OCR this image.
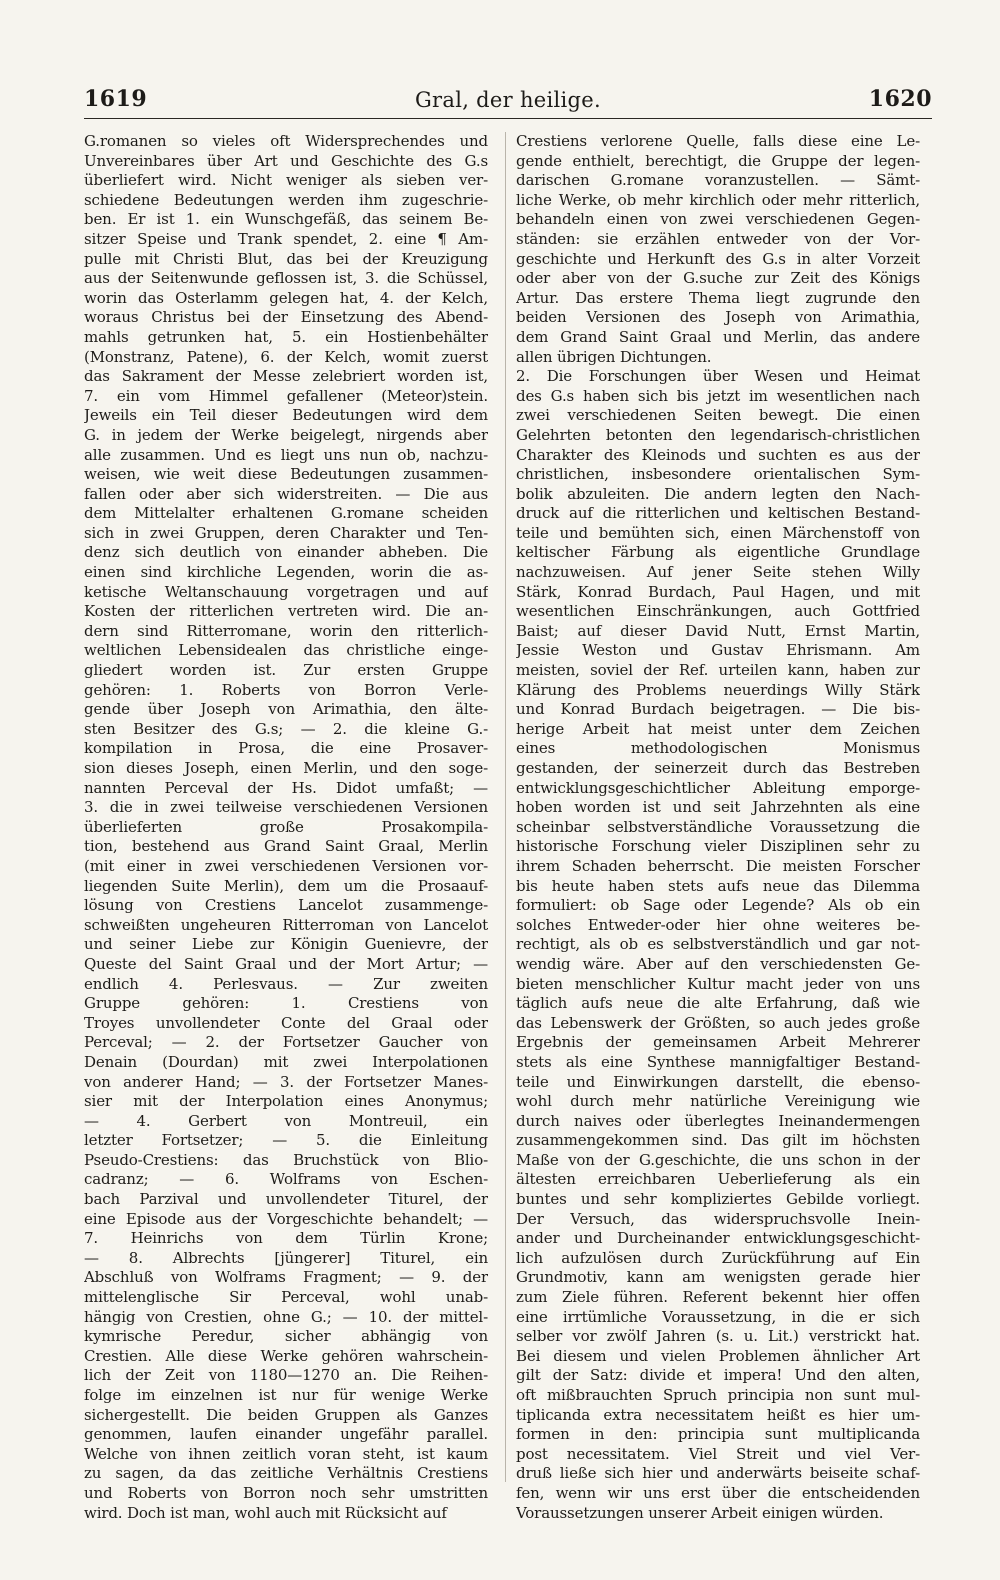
1619	Gral, der heilige.	1620
G.romanen so vieles oft Widersprechendes und
Unvereinbares über Art und Geschichte des G.s
überliefert wird. Nicht weniger als sieben ver-
schiedene Bedeutungen werden ihm zugeschrie-
ben. Er ist 1. ein Wunschgefäß, das seinem Be-
sitzer Speise und Trank spendet, 2. eine ¶ Am-
pulle mit Christi Blut, das bei der Kreuzigung
aus der Seitenwunde geflossen ist, 3. die Schüssel,
worin das Osterlamm gelegen hat, 4. der Kelch,
woraus Christus bei der Einsetzung des Abend-
mahls getrunken hat, 5. ein Hostienbehälter
(Monstranz, Patene), 6. der Kelch, womit zuerst
das Sakrament der Messe zelebriert worden ist,
7. ein vom Himmel gefallener (Meteor)stein.
Jeweils ein Teil dieser Bedeutungen wird dem
G. in jedem der Werke beigelegt, nirgends aber
alle zusammen. Und es liegt uns nun ob, nachzu-
weisen, wie weit diese Bedeutungen zusammen-
fallen oder aber sich widerstreiten. — Die aus
dem Mittelalter erhaltenen G.romane scheiden
sich in zwei Gruppen, deren Charakter und Ten-
denz sich deutlich von einander abheben. Die
einen sind kirchliche Legenden, worin die as-
ketische Weltanschauung vorgetragen und auf
Kosten der ritterlichen vertreten wird. Die an-
dern sind Ritterromane, worin den ritterlich-
weltlichen Lebensidealen das christliche einge-
gliedert worden ist. Zur ersten Gruppe
gehören: 1. Roberts von Borron Verle-
gende über Joseph von Arimathia, den älte-
sten Besitzer des G.s; — 2. die kleine G.-
kompilation in Prosa, die eine Prosaver-
sion dieses Joseph, einen Merlin, und den soge-
nannten Perceval der Hs. Didot umfaßt; —
3. die in zwei teilweise verschiedenen Versionen
überlieferten große Prosakompila-
tion, bestehend aus Grand Saint Graal, Merlin
(mit einer in zwei verschiedenen Versionen vor-
liegenden Suite Merlin), dem um die Prosaauf-
lösung von Crestiens Lancelot zusammenge-
schweißten ungeheuren Ritterroman von Lancelot
und seiner Liebe zur Königin Guenievre, der
Queste del Saint Graal und der Mort Artur; —
endlich 4. Perlesvaus. — Zur zweiten
Gruppe gehören: 1. Crestiens von
Troyes unvollendeter Conte del Graal oder
Perceval; — 2. der Fortsetzer Gaucher von
Denain (Dourdan) mit zwei Interpolationen
von anderer Hand; — 3. der Fortsetzer Manes-
sier mit der Interpolation eines Anonymus;
— 4. Gerbert von Montreuil, ein
letzter Fortsetzer; — 5. die Einleitung
Pseudo-Crestiens: das Bruchstück von Blio-
cadranz; — 6. Wolframs von Eschen-
bach Parzival und unvollendeter Titurel, der
eine Episode aus der Vorgeschichte behandelt; —
7. Heinrichs von dem Türlin Krone;
— 8. Albrechts [jüngerer] Titurel, ein
Abschluß von Wolframs Fragment; — 9. der
mittelenglische Sir Perceval, wohl unab-
hängig von Crestien, ohne G.; — 10. der mittel-
kymrische Peredur, sicher abhängig von
Crestien. Alle diese Werke gehören wahrschein-
lich der Zeit von 1180—1270 an. Die Reihen-
folge im einzelnen ist nur für wenige Werke
sichergestellt. Die beiden Gruppen als Ganzes
genommen, laufen einander ungefähr parallel.
Welche von ihnen zeitlich voran steht, ist kaum
zu sagen, da das zeitliche Verhältnis Crestiens
und Roberts von Borron noch sehr umstritten
wird. Doch ist man, wohl auch mit Rücksicht auf
Crestiens verlorene Quelle, falls diese eine Le-
gende enthielt, berechtigt, die Gruppe der legen-
darischen G.romane voranzustellen. — Sämt-
liche Werke, ob mehr kirchlich oder mehr ritterlich,
behandeln einen von zwei verschiedenen Gegen-
ständen: sie erzählen entweder von der Vor-
geschichte und Herkunft des G.s in alter Vorzeit
oder aber von der G.suche zur Zeit des Königs
Artur. Das erstere Thema liegt zugrunde den
beiden Versionen des Joseph von Arimathia,
dem Grand Saint Graal und Merlin, das andere
allen übrigen Dichtungen.
2. Die Forschungen über Wesen und Heimat
des G.s haben sich bis jetzt im wesentlichen nach
zwei verschiedenen Seiten bewegt. Die einen
Gelehrten betonten den legendarisch-christlichen
Charakter des Kleinods und suchten es aus der
christlichen, insbesondere orientalischen Sym-
bolik abzuleiten. Die andern legten den Nach-
druck auf die ritterlichen und keltischen Bestand-
teile und bemühten sich, einen Märchenstoff von
keltischer Färbung als eigentliche Grundlage
nachzuweisen. Auf jener Seite stehen Willy
Stärk, Konrad Burdach, Paul Hagen, und mit
wesentlichen Einschränkungen, auch Gottfried
Baist; auf dieser David Nutt, Ernst Martin,
Jessie Weston und Gustav Ehrismann. Am
meisten, soviel der Ref. urteilen kann, haben zur
Klärung des Problems neuerdings Willy Stärk
und Konrad Burdach beigetragen. — Die bis-
herige Arbeit hat meist unter dem Zeichen
eines methodologischen Monismus
gestanden, der seinerzeit durch das Bestreben
entwicklungsgeschichtlicher Ableitung emporge-
hoben worden ist und seit Jahrzehnten als eine
scheinbar selbstverständliche Voraussetzung die
historische Forschung vieler Disziplinen sehr zu
ihrem Schaden beherrscht. Die meisten Forscher
bis heute haben stets aufs neue das Dilemma
formuliert: ob Sage oder Legende? Als ob ein
solches Entweder-oder hier ohne weiteres be-
rechtigt, als ob es selbstverständlich und gar not-
wendig wäre. Aber auf den verschiedensten Ge-
bieten menschlicher Kultur macht jeder von uns
täglich aufs neue die alte Erfahrung, daß wie
das Lebenswerk der Größten, so auch jedes große
Ergebnis der gemeinsamen Arbeit Mehrerer
stets als eine Synthese mannigfaltiger Bestand-
teile und Einwirkungen darstellt, die ebenso-
wohl durch mehr natürliche Vereinigung wie
durch naives oder überlegtes Ineinandermengen
zusammengekommen sind. Das gilt im höchsten
Maße von der G.geschichte, die uns schon in der
ältesten erreichbaren Ueberlieferung als ein
buntes und sehr kompliziertes Gebilde vorliegt.
Der Versuch, das widerspruchsvolle Inein-
ander und Durcheinander entwicklungsgeschicht-
lich aufzulösen durch Zurückführung auf Ein
Grundmotiv, kann am wenigsten gerade hier
zum Ziele führen. Referent bekennt hier offen
eine irrtümliche Voraussetzung, in die er sich
selber vor zwölf Jahren (s. u. Lit.) verstrickt hat.
Bei diesem und vielen Problemen ähnlicher Art
gilt der Satz: divide et impera! Und den alten,
oft mißbrauchten Spruch principia non sunt mul-
tiplicanda extra necessitatem heißt es hier um-
formen in den: principia sunt multiplicanda
post necessitatem. Viel Streit und viel Ver-
druß ließe sich hier und anderwärts beiseite schaf-
fen, wenn wir uns erst über die entscheidenden
Voraussetzungen unserer Arbeit einigen würden.
